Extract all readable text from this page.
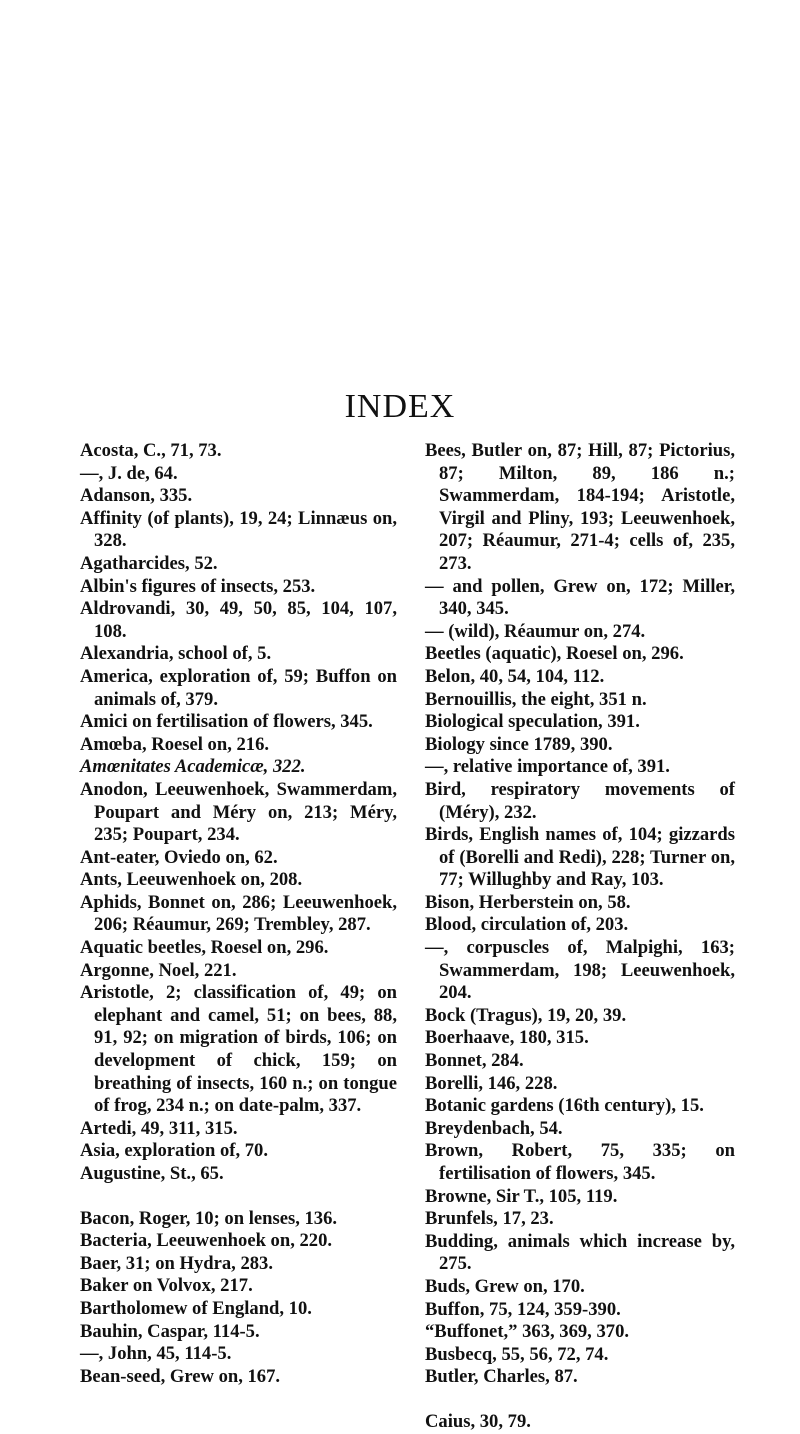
INDEX

Acosta, C., 71, 73.

—, J. de, 64.

Adanson, 335.

Affinity (of plants), 19, 24; Linnæus on, 328.

Agatharcides, 52.

Albin's figures of insects, 253.

Aldrovandi, 30, 49, 50, 85, 104, 107, 108.

Alexandria, school of, 5.

America, exploration of, 59; Buffon on animals of, 379.

Amici on fertilisation of flowers, 345.

Amœba, Roesel on, 216.

Amœnitates Academicæ, 322.

Anodon, Leeuwenhoek, Swammerdam, Poupart and Méry on, 213; Méry, 235; Poupart, 234.

Ant-eater, Oviedo on, 62.

Ants, Leeuwenhoek on, 208.

Aphids, Bonnet on, 286; Leeuwenhoek, 206; Réaumur, 269; Trembley, 287.

Aquatic beetles, Roesel on, 296.

Argonne, Noel, 221.

Aristotle, 2; classification of, 49; on elephant and camel, 51; on bees, 88, 91, 92; on migration of birds, 106; on development of chick, 159; on breathing of insects, 160 n.; on tongue of frog, 234 n.; on date-palm, 337.

Artedi, 49, 311, 315.

Asia, exploration of, 70.

Augustine, St., 65.

Bacon, Roger, 10; on lenses, 136.

Bacteria, Leeuwenhoek on, 220.

Baer, 31; on Hydra, 283.

Baker on Volvox, 217.

Bartholomew of England, 10.

Bauhin, Caspar, 114-5.

—, John, 45, 114-5.

Bean-seed, Grew on, 167.

Bees, Butler on, 87; Hill, 87; Pictorius, 87; Milton, 89, 186 n.; Swammerdam, 184-194; Aristotle, Virgil and Pliny, 193; Leeuwenhoek, 207; Réaumur, 271-4; cells of, 235, 273.

— and pollen, Grew on, 172; Miller, 340, 345.

— (wild), Réaumur on, 274.

Beetles (aquatic), Roesel on, 296.

Belon, 40, 54, 104, 112.

Bernouillis, the eight, 351 n.

Biological speculation, 391.

Biology since 1789, 390.

—, relative importance of, 391.

Bird, respiratory movements of (Méry), 232.

Birds, English names of, 104; gizzards of (Borelli and Redi), 228; Turner on, 77; Willughby and Ray, 103.

Bison, Herberstein on, 58.

Blood, circulation of, 203.

—, corpuscles of, Malpighi, 163; Swammerdam, 198; Leeuwenhoek, 204.

Bock (Tragus), 19, 20, 39.

Boerhaave, 180, 315.

Bonnet, 284.

Borelli, 146, 228.

Botanic gardens (16th century), 15.

Breydenbach, 54.

Brown, Robert, 75, 335; on fertilisation of flowers, 345.

Browne, Sir T., 105, 119.

Brunfels, 17, 23.

Budding, animals which increase by, 275.

Buds, Grew on, 170.

Buffon, 75, 124, 359-390.

“Buffonet,” 363, 369, 370.

Busbecq, 55, 56, 72, 74.

Butler, Charles, 87.

Caius, 30, 79.
